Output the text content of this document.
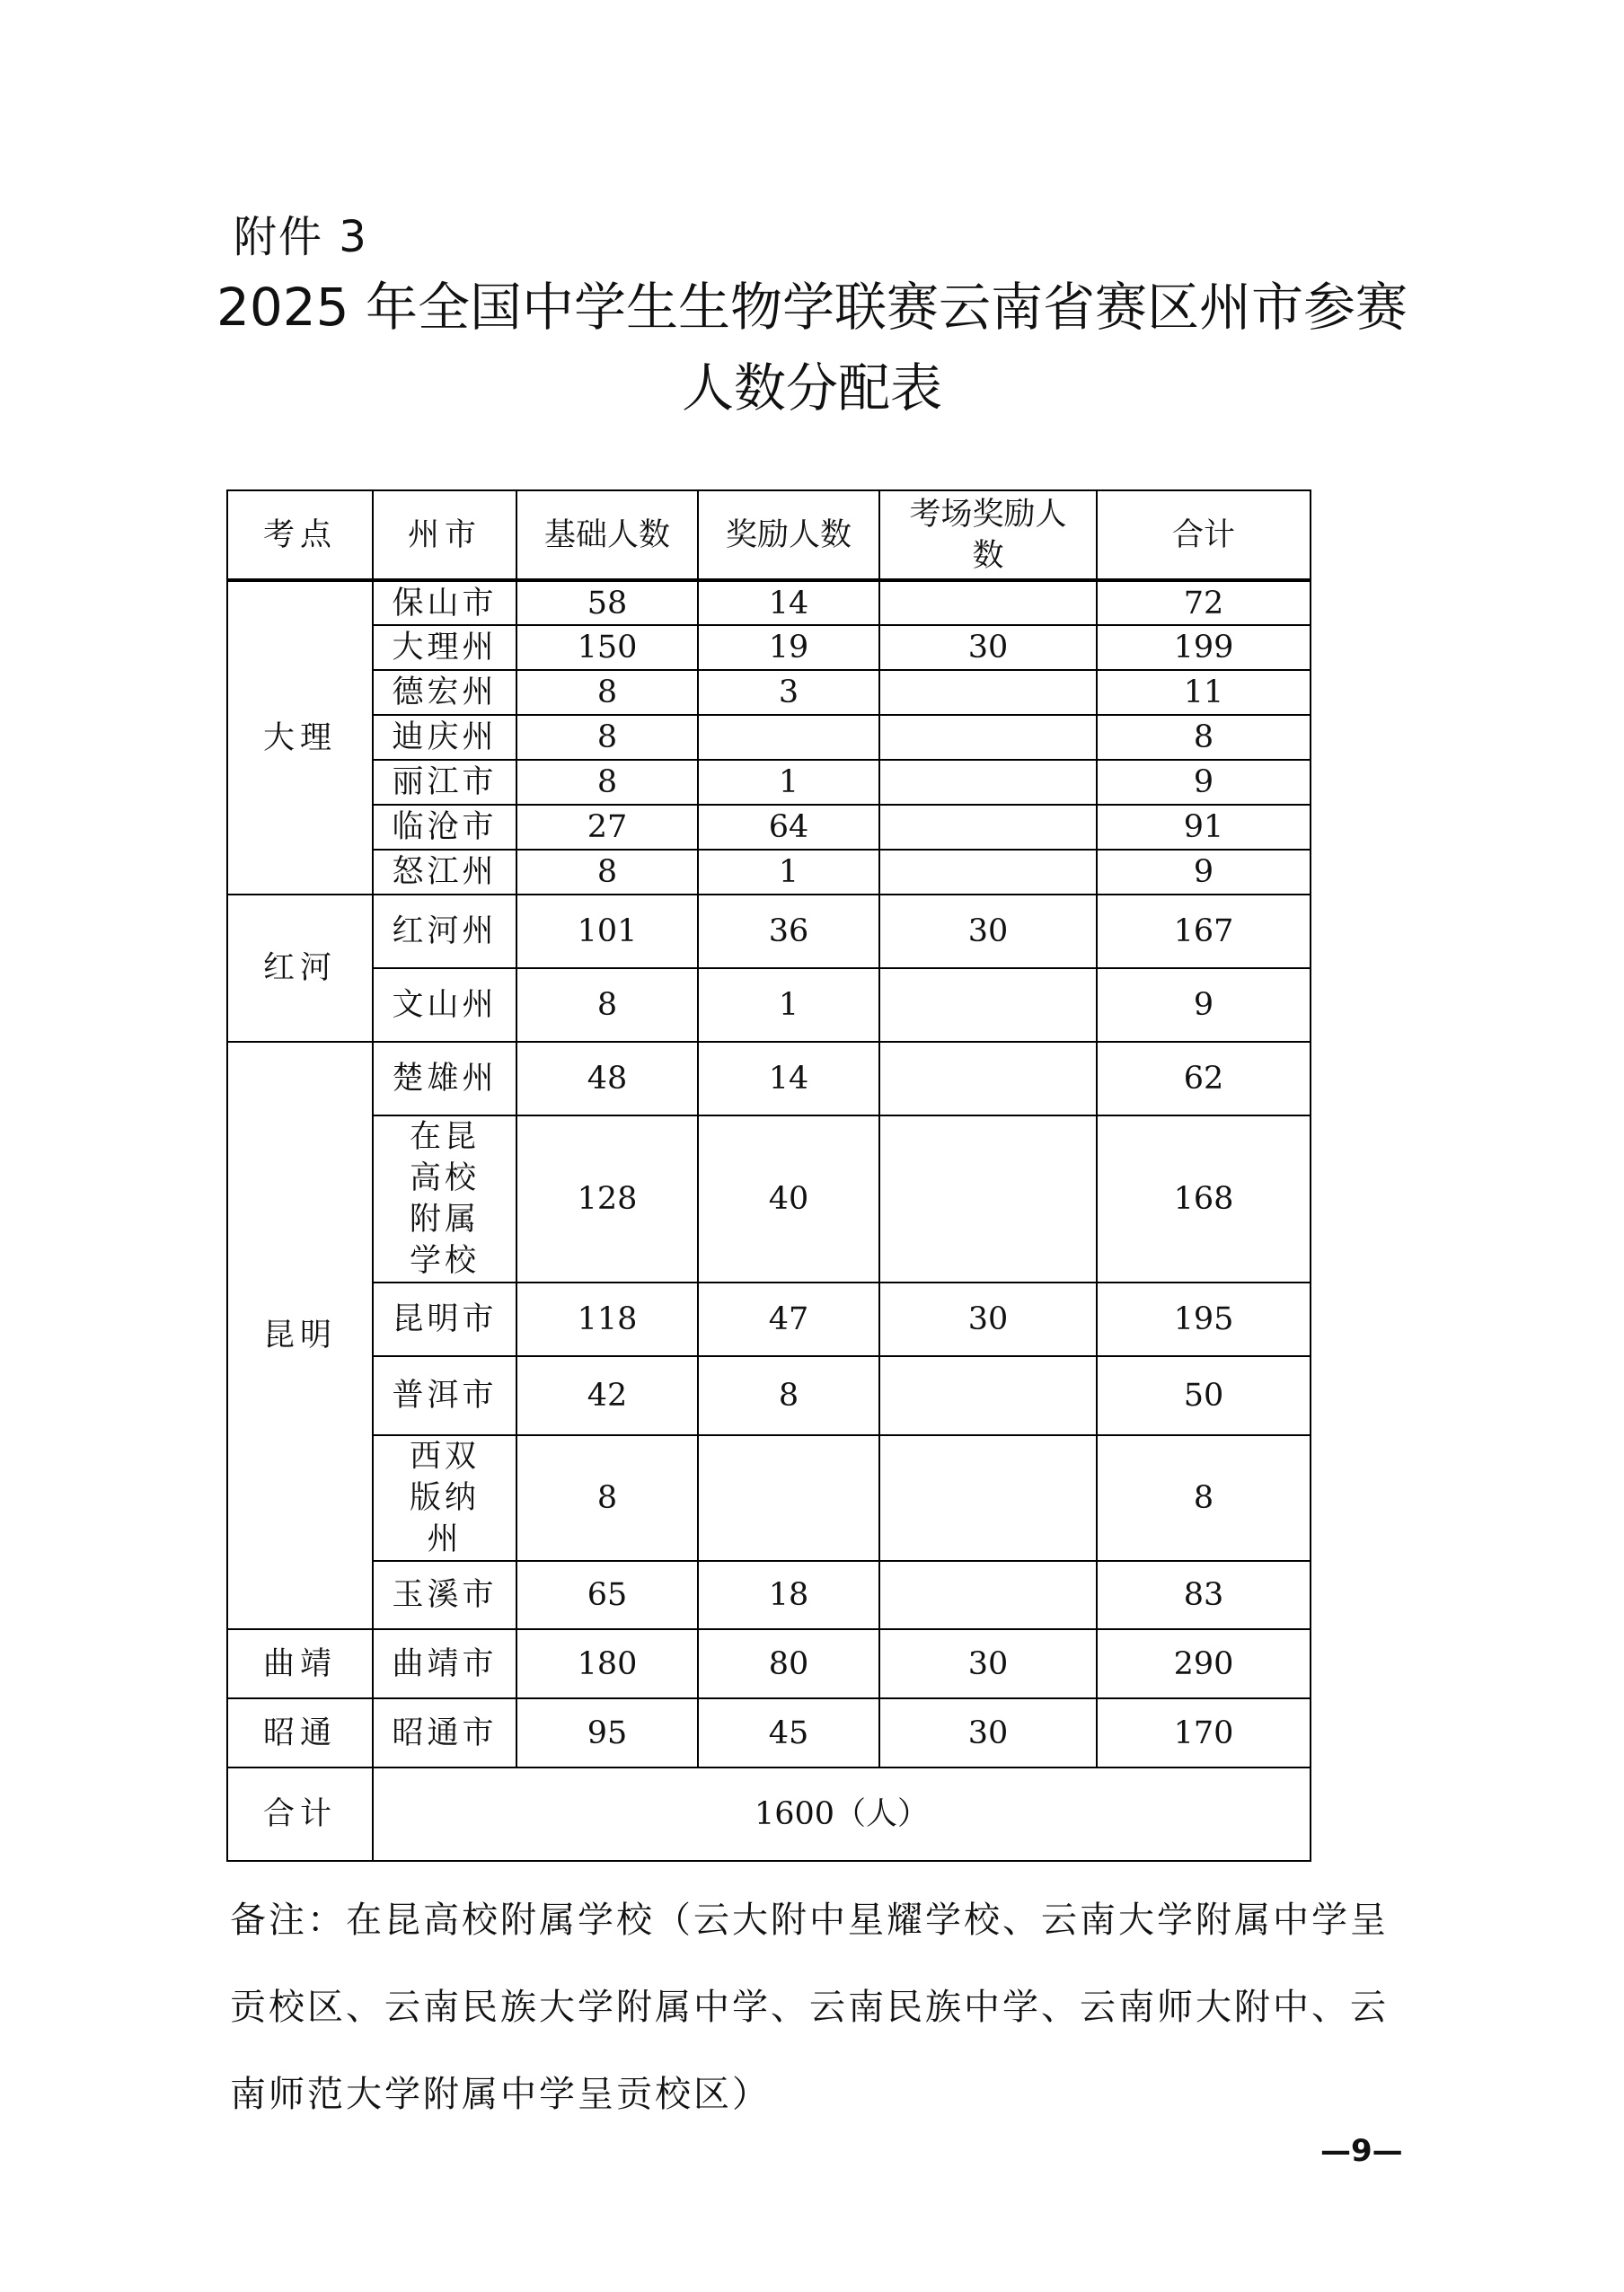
附件 3
2025 年全国中学生生物学联赛云南省赛区州市参赛
人数分配表
考点	州市	基础人数	奖励人数	考场奖励人数	合计
大理	保山市	58	14		72
	大理州	150	19	30	199
	德宏州	8	3		11
	迪庆州	8			8
	丽江市	8	1		9
	临沧市	27	64		91
	怒江州	8	1		9
红河	红河州	101	36	30	167
	文山州	8	1		9
昆明	楚雄州	48	14		62
	在昆高校附属学校	128	40		168
	昆明市	118	47	30	195
	普洱市	42	8		50
	西双版纳州	8			8
	玉溪市	65	18		83
曲靖	曲靖市	180	80	30	290
昭通	昭通市	95	45	30	170
合计	1600（人）				
备注：在昆高校附属学校（云大附中星耀学校、云南大学附属中学呈贡校区、云南民族大学附属中学、云南民族中学、云南师大附中、云南师范大学附属中学呈贡校区）
—9—
